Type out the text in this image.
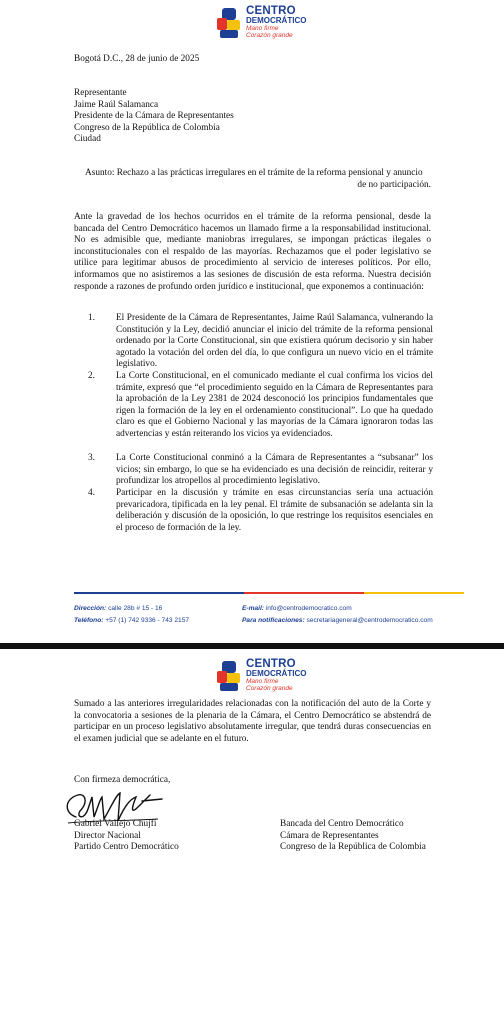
CENTRO
DEMOCRÁTICO
Mano firme
Corazón grande
Bogotá D.C., 28 de junio de 2025
Representante
Jaime Raúl Salamanca
Presidente de la Cámara de Representantes
Congreso de la República de Colombia
Ciudad
Asunto: Rechazo a las prácticas irregulares en el trámite de la reforma pensional y anuncio
de no participación.
Ante la gravedad de los hechos ocurridos en el trámite de la reforma pensional, desde la bancada del Centro Democrático hacemos un llamado firme a la responsabilidad institucional. No es admisible que, mediante maniobras irregulares, se impongan prácticas ilegales o inconstitucionales con el respaldo de las mayorías. Rechazamos que el poder legislativo se utilice para legitimar abusos de procedimiento al servicio de intereses políticos. Por ello, informamos que no asistiremos a las sesiones de discusión de esta reforma. Nuestra decisión responde a razones de profundo orden jurídico e institucional, que exponemos a continuación:
1. El Presidente de la Cámara de Representantes, Jaime Raúl Salamanca, vulnerando la Constitución y la Ley, decidió anunciar el inicio del trámite de la reforma pensional ordenado por la Corte Constitucional, sin que existiera quórum decisorio y sin haber agotado la votación del orden del día, lo que configura un nuevo vicio en el trámite legislativo.
2. La Corte Constitucional, en el comunicado mediante el cual confirma los vicios del trámite, expresó que “el procedimiento seguido en la Cámara de Representantes para la aprobación de la Ley 2381 de 2024 desconoció los principios fundamentales que rigen la formación de la ley en el ordenamiento constitucional”. Lo que ha quedado claro es que el Gobierno Nacional y las mayorías de la Cámara ignoraron todas las advertencias y están reiterando los vicios ya evidenciados.
3. La Corte Constitucional conminó a la Cámara de Representantes a “subsanar” los vicios; sin embargo, lo que se ha evidenciado es una decisión de reincidir, reiterar y profundizar los atropellos al procedimiento legislativo.
4. Participar en la discusión y trámite en esas circunstancias sería una actuación prevaricadora, tipificada en la ley penal. El trámite de subsanación se adelanta sin la deliberación y discusión de la oposición, lo que restringe los requisitos esenciales en el proceso de formación de la ley.
Dirección: calle 28b # 15 - 16
Teléfono: +57 (1) 742 9336 - 743 2157
E-mail: info@centrodemocratico.com
Para notificaciones: secretariageneral@centrodemocratico.com
CENTRO
DEMOCRÁTICO
Mano firme
Corazón grande
Sumado a las anteriores irregularidades relacionadas con la notificación del auto de la Corte y la convocatoria a sesiones de la plenaria de la Cámara, el Centro Democrático se abstendrá de participar en un proceso legislativo absolutamente irregular, que tendrá duras consecuencias en el examen judicial que se adelante en el futuro.
Con firmeza democrática,
Gabriel Vallejo Chujfi
Director Nacional
Partido Centro Democrático
Bancada del Centro Democrático
Cámara de Representantes
Congreso de la República de Colombia
